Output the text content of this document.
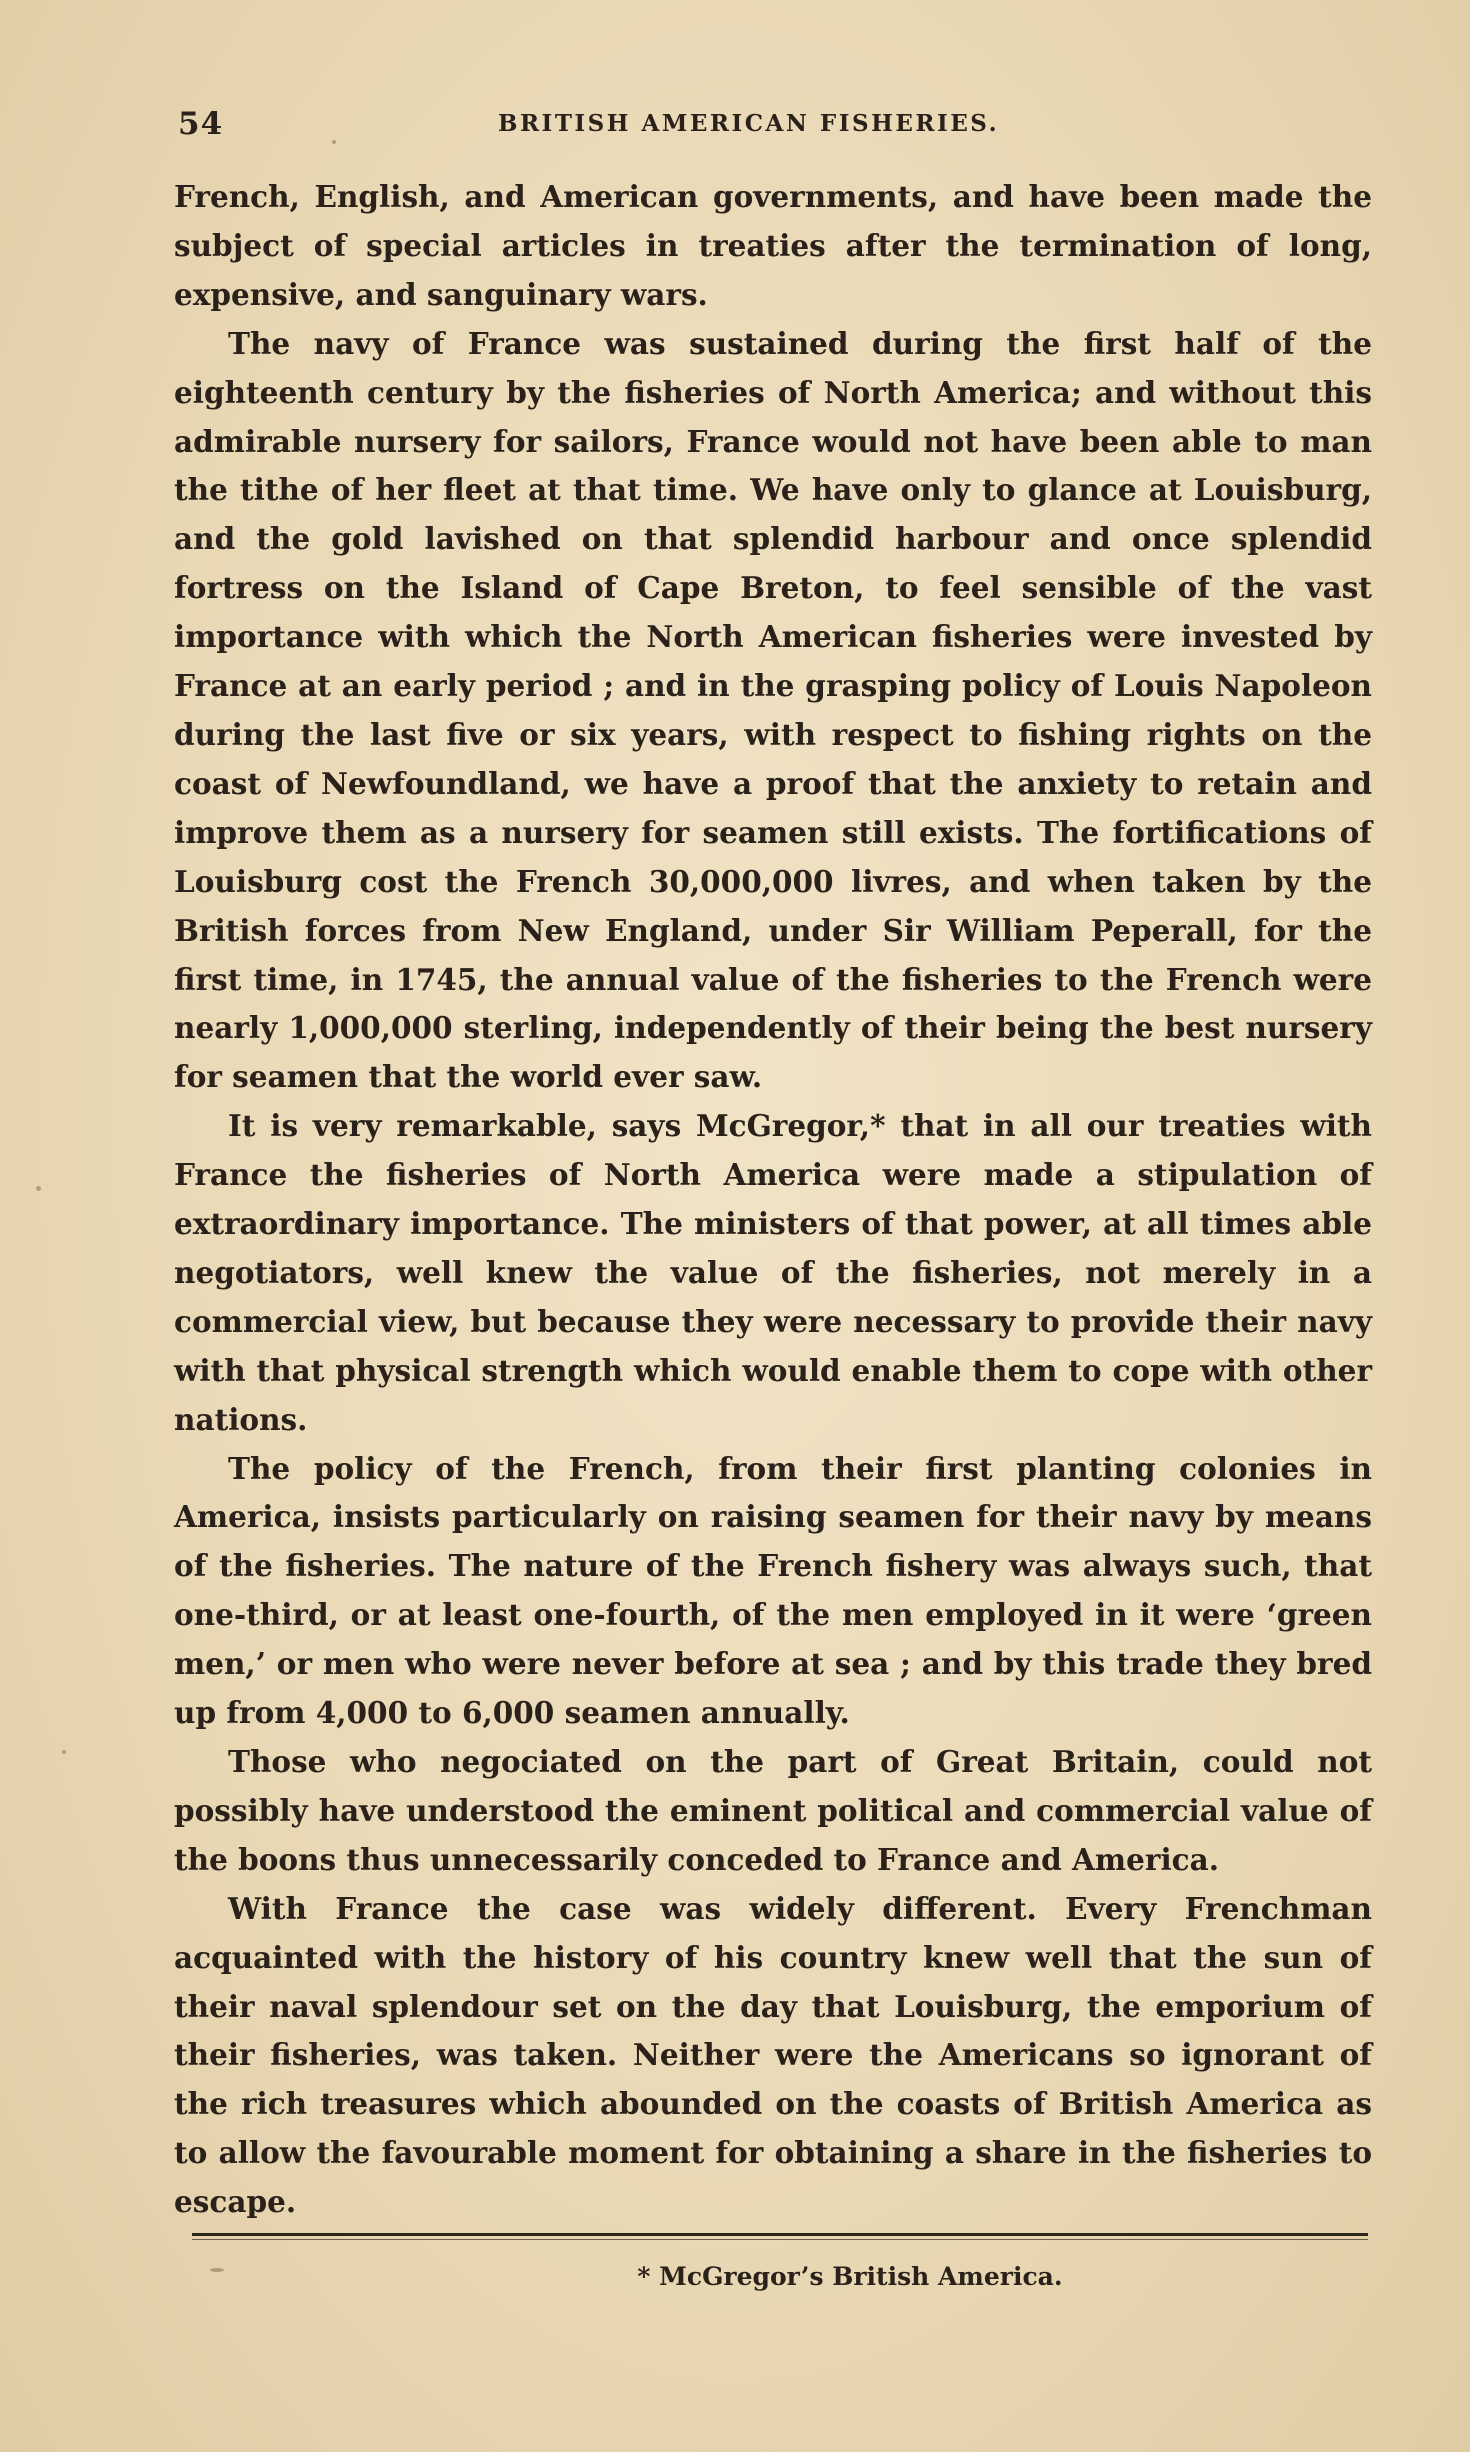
54	BRITISH AMERICAN FISHERIES.

French, English, and American governments, and have been made the subject of special articles in treaties after the termination of long, expensive, and sanguinary wars.

The navy of France was sustained during the first half of the eighteenth century by the fisheries of North America; and without this admirable nursery for sailors, France would not have been able to man the tithe of her fleet at that time. We have only to glance at Louisburg, and the gold lavished on that splendid harbour and once splendid fortress on the Island of Cape Breton, to feel sensible of the vast importance with which the North American fisheries were invested by France at an early period ; and in the grasping policy of Louis Napoleon during the last five or six years, with respect to fishing rights on the coast of Newfoundland, we have a proof that the anxiety to retain and improve them as a nursery for seamen still exists. The fortifications of Louisburg cost the French 30,000,000 livres, and when taken by the British forces from New England, under Sir William Peperall, for the first time, in 1745, the annual value of the fisheries to the French were nearly 1,000,000 sterling, independently of their being the best nursery for seamen that the world ever saw.

It is very remarkable, says McGregor,* that in all our treaties with France the fisheries of North America were made a stipulation of extraordinary importance. The ministers of that power, at all times able negotiators, well knew the value of the fisheries, not merely in a commercial view, but because they were necessary to provide their navy with that physical strength which would enable them to cope with other nations.

The policy of the French, from their first planting colonies in America, insists particularly on raising seamen for their navy by means of the fisheries. The nature of the French fishery was always such, that one-third, or at least one-fourth, of the men employed in it were ‘green men,’ or men who were never before at sea ; and by this trade they bred up from 4,000 to 6,000 seamen annually.

Those who negociated on the part of Great Britain, could not possibly have understood the eminent political and commercial value of the boons thus unnecessarily conceded to France and America.

With France the case was widely different. Every Frenchman acquainted with the history of his country knew well that the sun of their naval splendour set on the day that Louisburg, the emporium of their fisheries, was taken. Neither were the Americans so ignorant of the rich treasures which abounded on the coasts of British America as to allow the favourable moment for obtaining a share in the fisheries to escape.

* McGregor’s British America.
